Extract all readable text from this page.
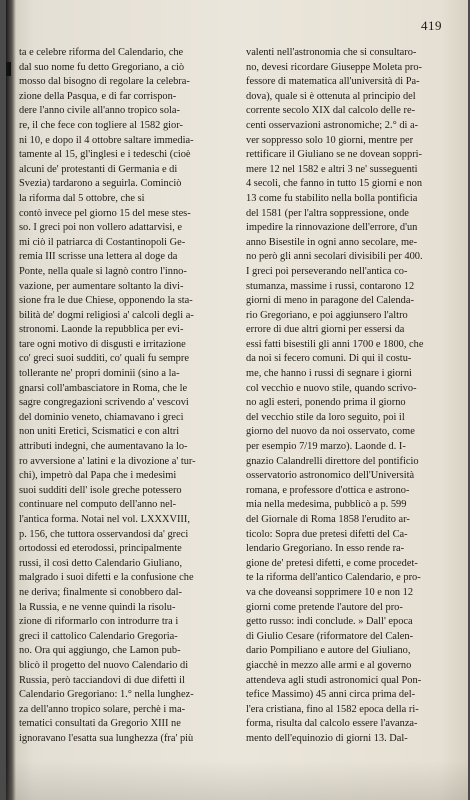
419
ta e celebre riforma del Calendario, che
dal suo nome fu detto Gregoriano, a ciò
mosso dal bisogno di regolare la celebra-
zione della Pasqua, e di far corrispon-
dere l'anno civile all'anno tropico sola-
re, il che fece con togliere al 1582 gior-
ni 10, e dopo il 4 ottobre saltare immedia-
tamente al 15, gl'inglesi e i tedeschi (cioè
alcuni de' protestanti di Germania e di
Svezia) tardarono a seguirla. Cominciò
la riforma dal 5 ottobre, che si
contò invece pel giorno 15 del mese stes-
so. I greci poi non vollero adattarvisi, e
mi ciò il patriarca di Costantinopoli Ge-
remia III scrisse una lettera al doge da
Ponte, nella quale si lagnò contro l'inno-
vazione, per aumentare soltanto la divi-
sione fra le due Chiese, opponendo la sta-
bilità de' dogmi religiosi a' calcoli degli a-
stronomi. Laonde la repubblica per evi-
tare ogni motivo di disgusti e irritazione
co' greci suoi sudditi, co' quali fu sempre
tollerante ne' propri dominii (sino a la-
gnarsi coll'ambasciatore in Roma, che le
sagre congregazioni scrivendo a' vescovi
del dominio veneto, chiamavano i greci
non uniti Eretici, Scismatici e con altri
attributi indegni, che aumentavano la lo-
ro avversione a' latini e la divozione a' tur-
chi), impetrò dal Papa che i medesimi
suoi sudditi dell' isole greche potessero
continuare nel computo dell'anno nel-
l'antica forma. Notai nel vol. LXXXVIII,
p. 156, che tuttora osservandosi da' greci
ortodossi ed eterodossi, principalmente
russi, il così detto Calendario Giuliano,
malgrado i suoi difetti e la confusione che
ne deriva; finalmente si conobbero dal-
la Russia, e ne venne quindi la risolu-
zione di riformarlo con introdurre tra i
greci il cattolico Calendario Gregoria-
no. Ora qui aggiungo, che Lamon pub-
blicò il progetto del nuovo Calendario di
Russia, però tacciandovi di due difetti il
Calendario Gregoriano: 1.° nella lunghez-
za dell'anno tropico solare, perchè i ma-
tematici consultati da Gregorio XIII ne
ignoravano l'esatta sua lunghezza (fra' più
valenti nell'astronomia che si consultaro-
no, devesi ricordare Giuseppe Moleta pro-
fessore di matematica all'università di Pa-
dova), quale si è ottenuta al principio del
corrente secolo XIX dal calcolo delle re-
centi osservazioni astronomiche; 2.° di a-
ver soppresso solo 10 giorni, mentre per
rettificare il Giuliano se ne dovean soppri-
mere 12 nel 1582 e altri 3 ne' susseguenti
4 secoli, che fanno in tutto 15 giorni e non
13 come fu stabilito nella bolla pontificia
del 1581 (per l'altra soppressione, onde
impedire la rinnovazione dell'errore, d'un
anno Bisestile in ogni anno secolare, me-
no però gli anni secolari divisibili per 400.
I greci poi perseverando nell'antica co-
stumanza, massime i russi, contarono 12
giorni di meno in paragone del Calenda-
rio Gregoriano, e poi aggiunsero l'altro
errore di due altri giorni per essersi da
essi fatti bisestili gli anni 1700 e 1800, che
da noi si fecero comuni. Di qui il costu-
me, che hanno i russi di segnare i giorni
col vecchio e nuovo stile, quando scrivo-
no agli esteri, ponendo prima il giorno
del vecchio stile da loro seguito, poi il
giorno del nuovo da noi osservato, come
per esempio 7/19 marzo). Laonde d. I-
gnazio Calandrelli direttore del pontificio
osservatorio astronomico dell'Università
romana, e professore d'ottica e astrono-
mia nella medesima, pubblicò a p. 599
del Giornale di Roma 1858 l'erudito ar-
ticolo: Sopra due pretesi difetti del Ca-
lendario Gregoriano. In esso rende ra-
gione de' pretesi difetti, e come procedet-
te la riforma dell'antico Calendario, e pro-
va che doveansi sopprimere 10 e non 12
giorni come pretende l'autore del pro-
getto russo: indi conclude. » Dall' epoca
di Giulio Cesare (riformatore del Calen-
dario Pompiliano e autore del Giuliano,
giacchè in mezzo alle armi e al governo
attendeva agli studi astronomici qual Pon-
tefice Massimo) 45 anni circa prima del-
l'era cristiana, fino al 1582 epoca della ri-
forma, risulta dal calcolo essere l'avanza-
mento dell'equinozio di giorni 13. Dal-
